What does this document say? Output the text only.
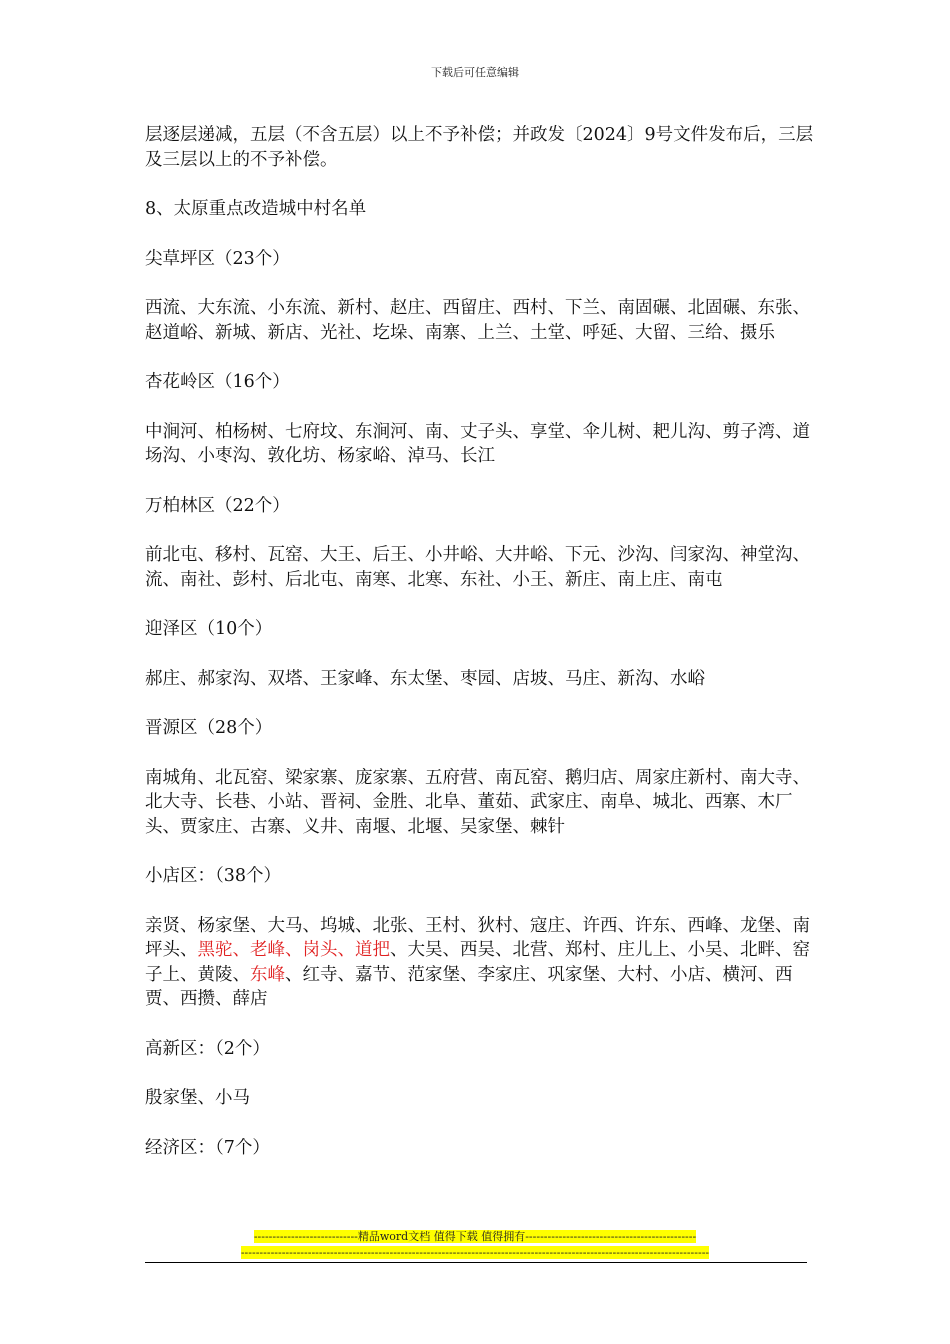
下载后可任意编辑

层逐层递减，五层（不含五层）以上不予补偿；并政发〔2024〕9号文件发布后，三层及三层以上的不予补偿。

8、太原重点改造城中村名单

尖草坪区（23个）

西流、大东流、小东流、新村、赵庄、西留庄、西村、下兰、南固碾、北固碾、东张、赵道峪、新城、新店、光社、圪垛、南寨、上兰、土堂、呼延、大留、三给、摄乐

杏花岭区（16个）

中涧河、柏杨树、七府坟、东涧河、南、丈子头、享堂、伞儿树、耙儿沟、剪子湾、道场沟、小枣沟、敦化坊、杨家峪、淖马、长江

万柏林区（22个）

前北屯、移村、瓦窑、大王、后王、小井峪、大井峪、下元、沙沟、闫家沟、神堂沟、流、南社、彭村、后北屯、南寒、北寒、东社、小王、新庄、南上庄、南屯

迎泽区（10个）

郝庄、郝家沟、双塔、王家峰、东太堡、枣园、店坡、马庄、新沟、水峪

晋源区（28个）

南城角、北瓦窑、梁家寨、庞家寨、五府营、南瓦窑、鹅归店、周家庄新村、南大寺、北大寺、长巷、小站、晋祠、金胜、北阜、董茹、武家庄、南阜、城北、西寨、木厂头、贾家庄、古寨、义井、南堰、北堰、吴家堡、棘针

小店区：（38个）

亲贤、杨家堡、大马、坞城、北张、王村、狄村、寇庄、许西、许东、西峰、龙堡、南坪头、黑驼、老峰、岗头、道把、大吴、西吴、北营、郑村、庄儿上、小吴、北畔、窑子上、黄陵、东峰、红寺、嘉节、范家堡、李家庄、巩家堡、大村、小店、横河、西贾、西攒、薛店

高新区：（2个）

殷家堡、小马

经济区：（7个）

----------------------------精品word文档 值得下载 值得拥有----------------------------------------------
------------------------------------------------------------------------------------------------------------------------------
